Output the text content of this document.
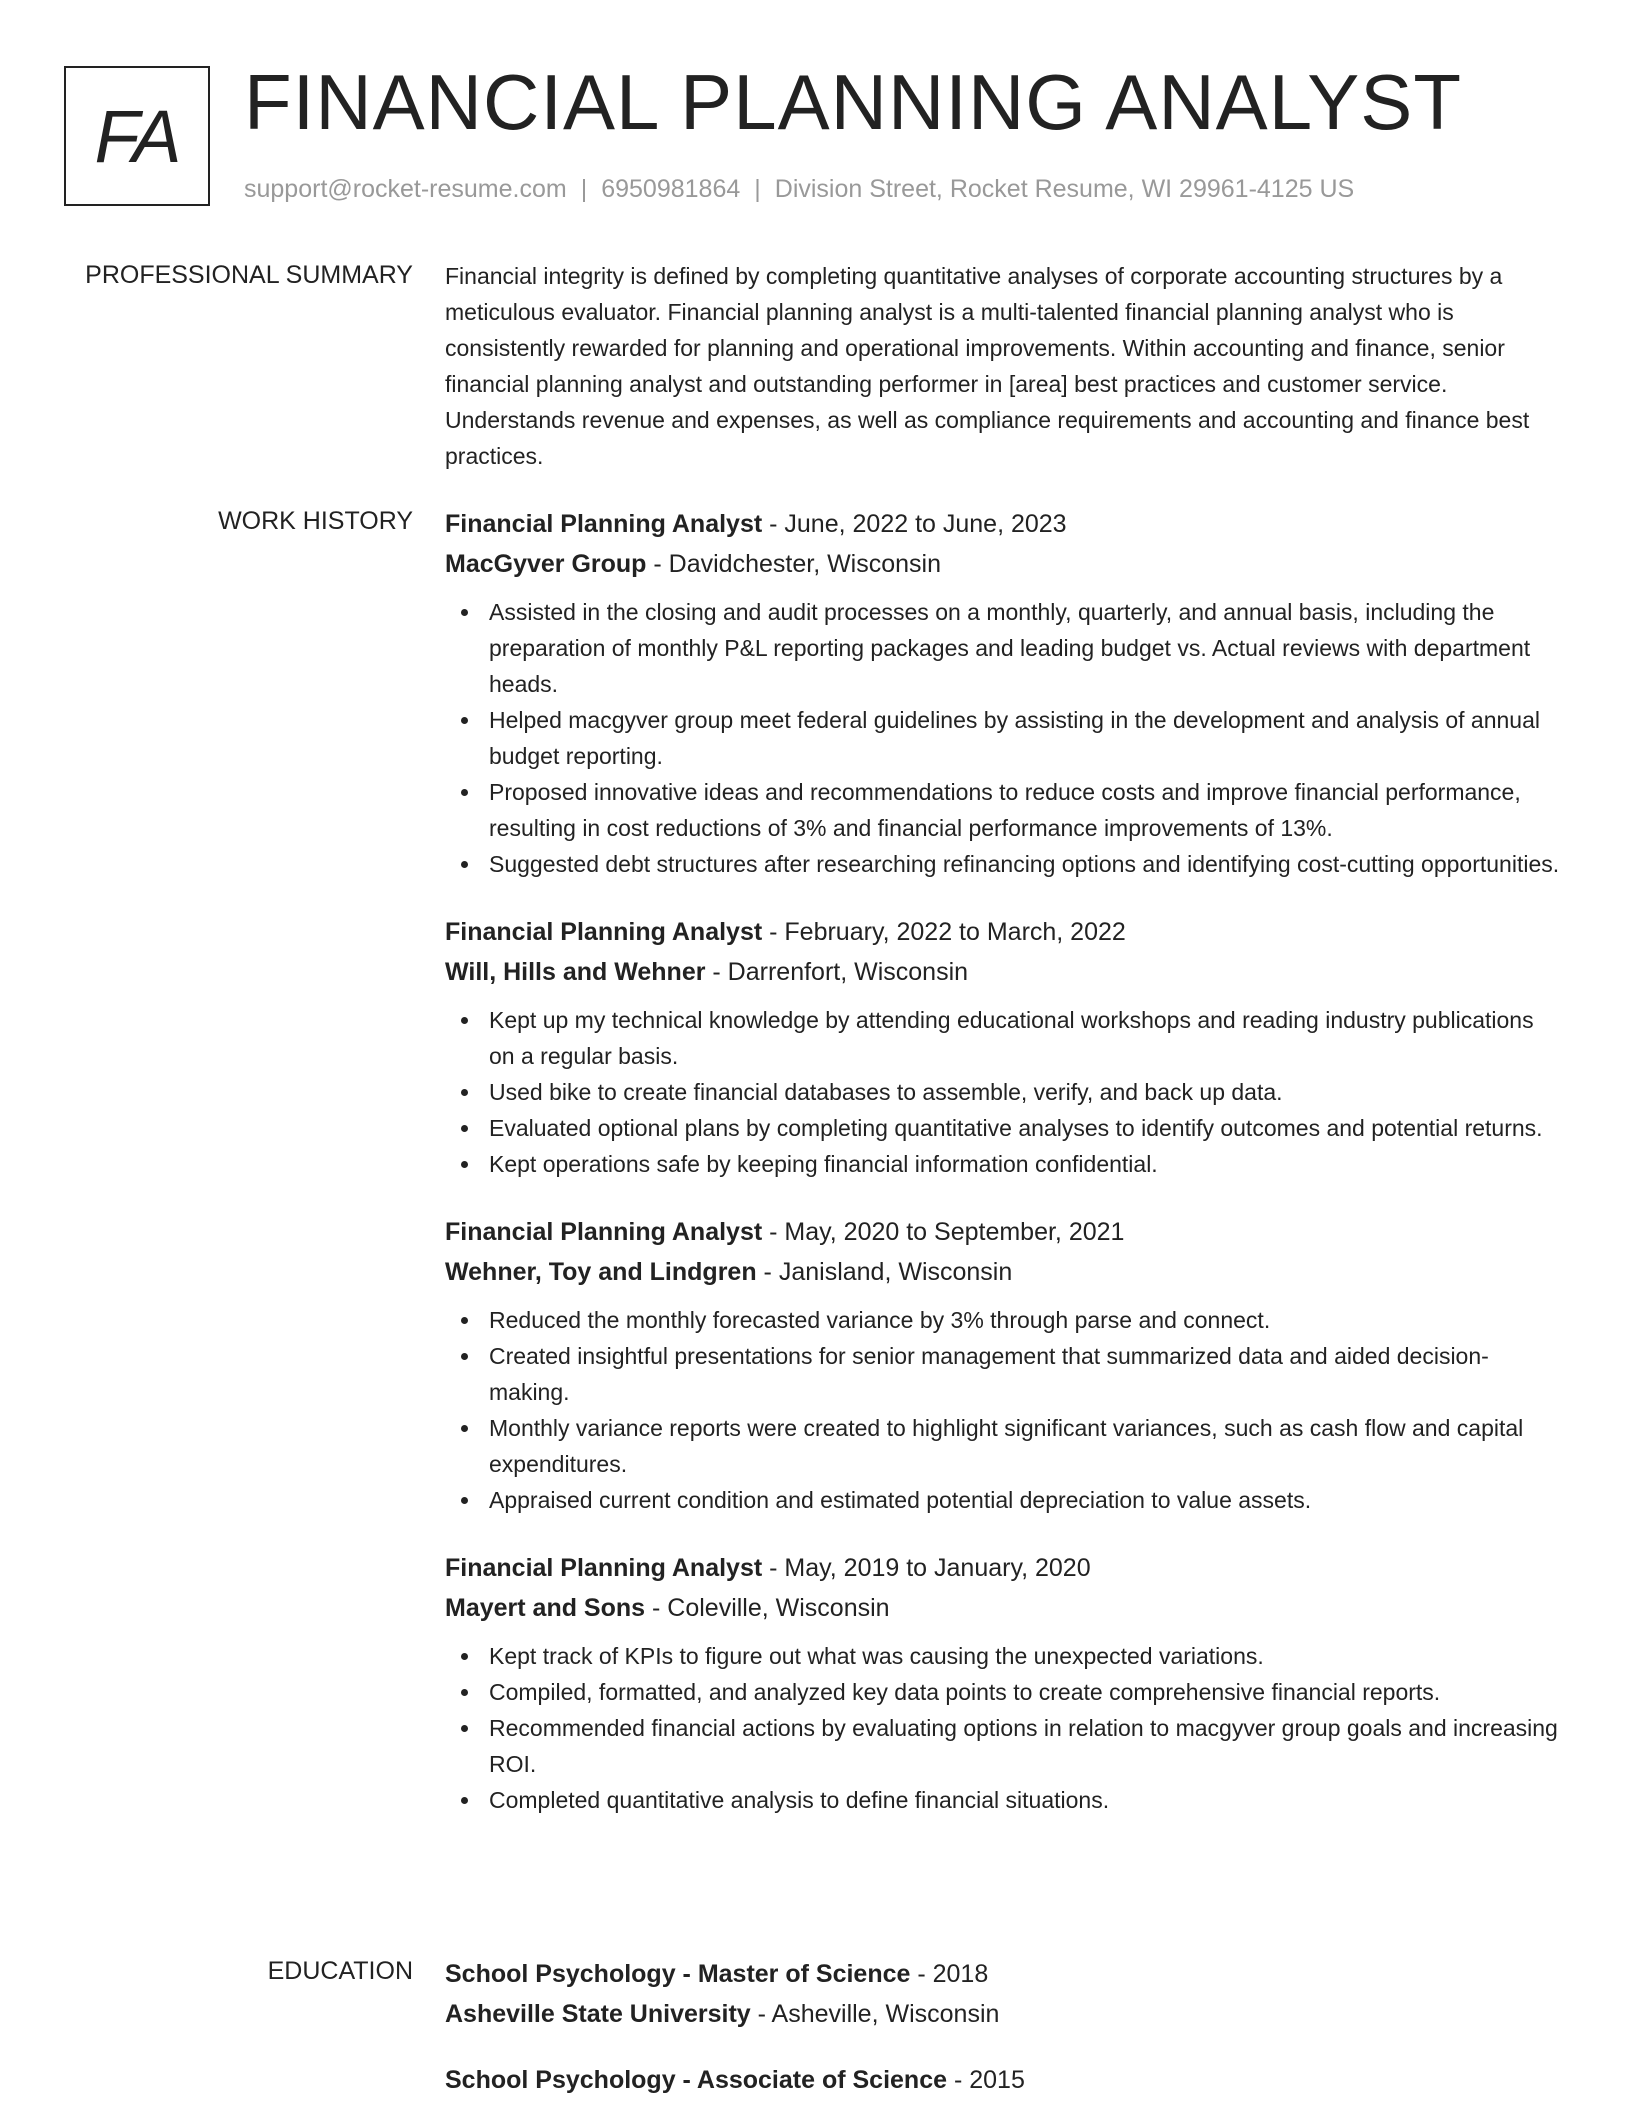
FA FINANCIAL PLANNING ANALYST
support@rocket-resume.com | 6950981864 | Division Street, Rocket Resume, WI 29961-4125 US
PROFESSIONAL SUMMARY Financial integrity is defined by completing quantitative analyses of corporate accounting structures by a meticulous evaluator. Financial planning analyst is a multi-talented financial planning analyst who is consistently rewarded for planning and operational improvements. Within accounting and finance, senior financial planning analyst and outstanding performer in [area] best practices and customer service. Understands revenue and expenses, as well as compliance requirements and accounting and finance best practices.

WORK HISTORY Financial Planning Analyst - June, 2022 to June, 2023

MacGyver Group - Davidchester, Wisconsin

Assisted in the closing and audit processes on a monthly, quarterly, and annual basis, including the preparation of monthly P&L reporting packages and leading budget vs. Actual reviews with department heads.
Helped macgyver group meet federal guidelines by assisting in the development and analysis of annual budget reporting.
Proposed innovative ideas and recommendations to reduce costs and improve financial performance, resulting in cost reductions of 3% and financial performance improvements of 13%.
Suggested debt structures after researching refinancing options and identifying cost-cutting opportunities.

Financial Planning Analyst - February, 2022 to March, 2022

Will, Hills and Wehner - Darrenfort, Wisconsin

Kept up my technical knowledge by attending educational workshops and reading industry publications on a regular basis.
Used bike to create financial databases to assemble, verify, and back up data.
Evaluated optional plans by completing quantitative analyses to identify outcomes and potential returns.
Kept operations safe by keeping financial information confidential.

Financial Planning Analyst - May, 2020 to September, 2021

Wehner, Toy and Lindgren - Janisland, Wisconsin

Reduced the monthly forecasted variance by 3% through parse and connect.
Created insightful presentations for senior management that summarized data and aided decision-making.
Monthly variance reports were created to highlight significant variances, such as cash flow and capital expenditures.
Appraised current condition and estimated potential depreciation to value assets.

Financial Planning Analyst - May, 2019 to January, 2020

Mayert and Sons - Coleville, Wisconsin

Kept track of KPIs to figure out what was causing the unexpected variations.
Compiled, formatted, and analyzed key data points to create comprehensive financial reports.
Recommended financial actions by evaluating options in relation to macgyver group goals and increasing ROI.
Completed quantitative analysis to define financial situations.
EDUCATION School Psychology - Master of Science - 2018

Asheville State University - Asheville, Wisconsin

School Psychology - Associate of Science - 2015
